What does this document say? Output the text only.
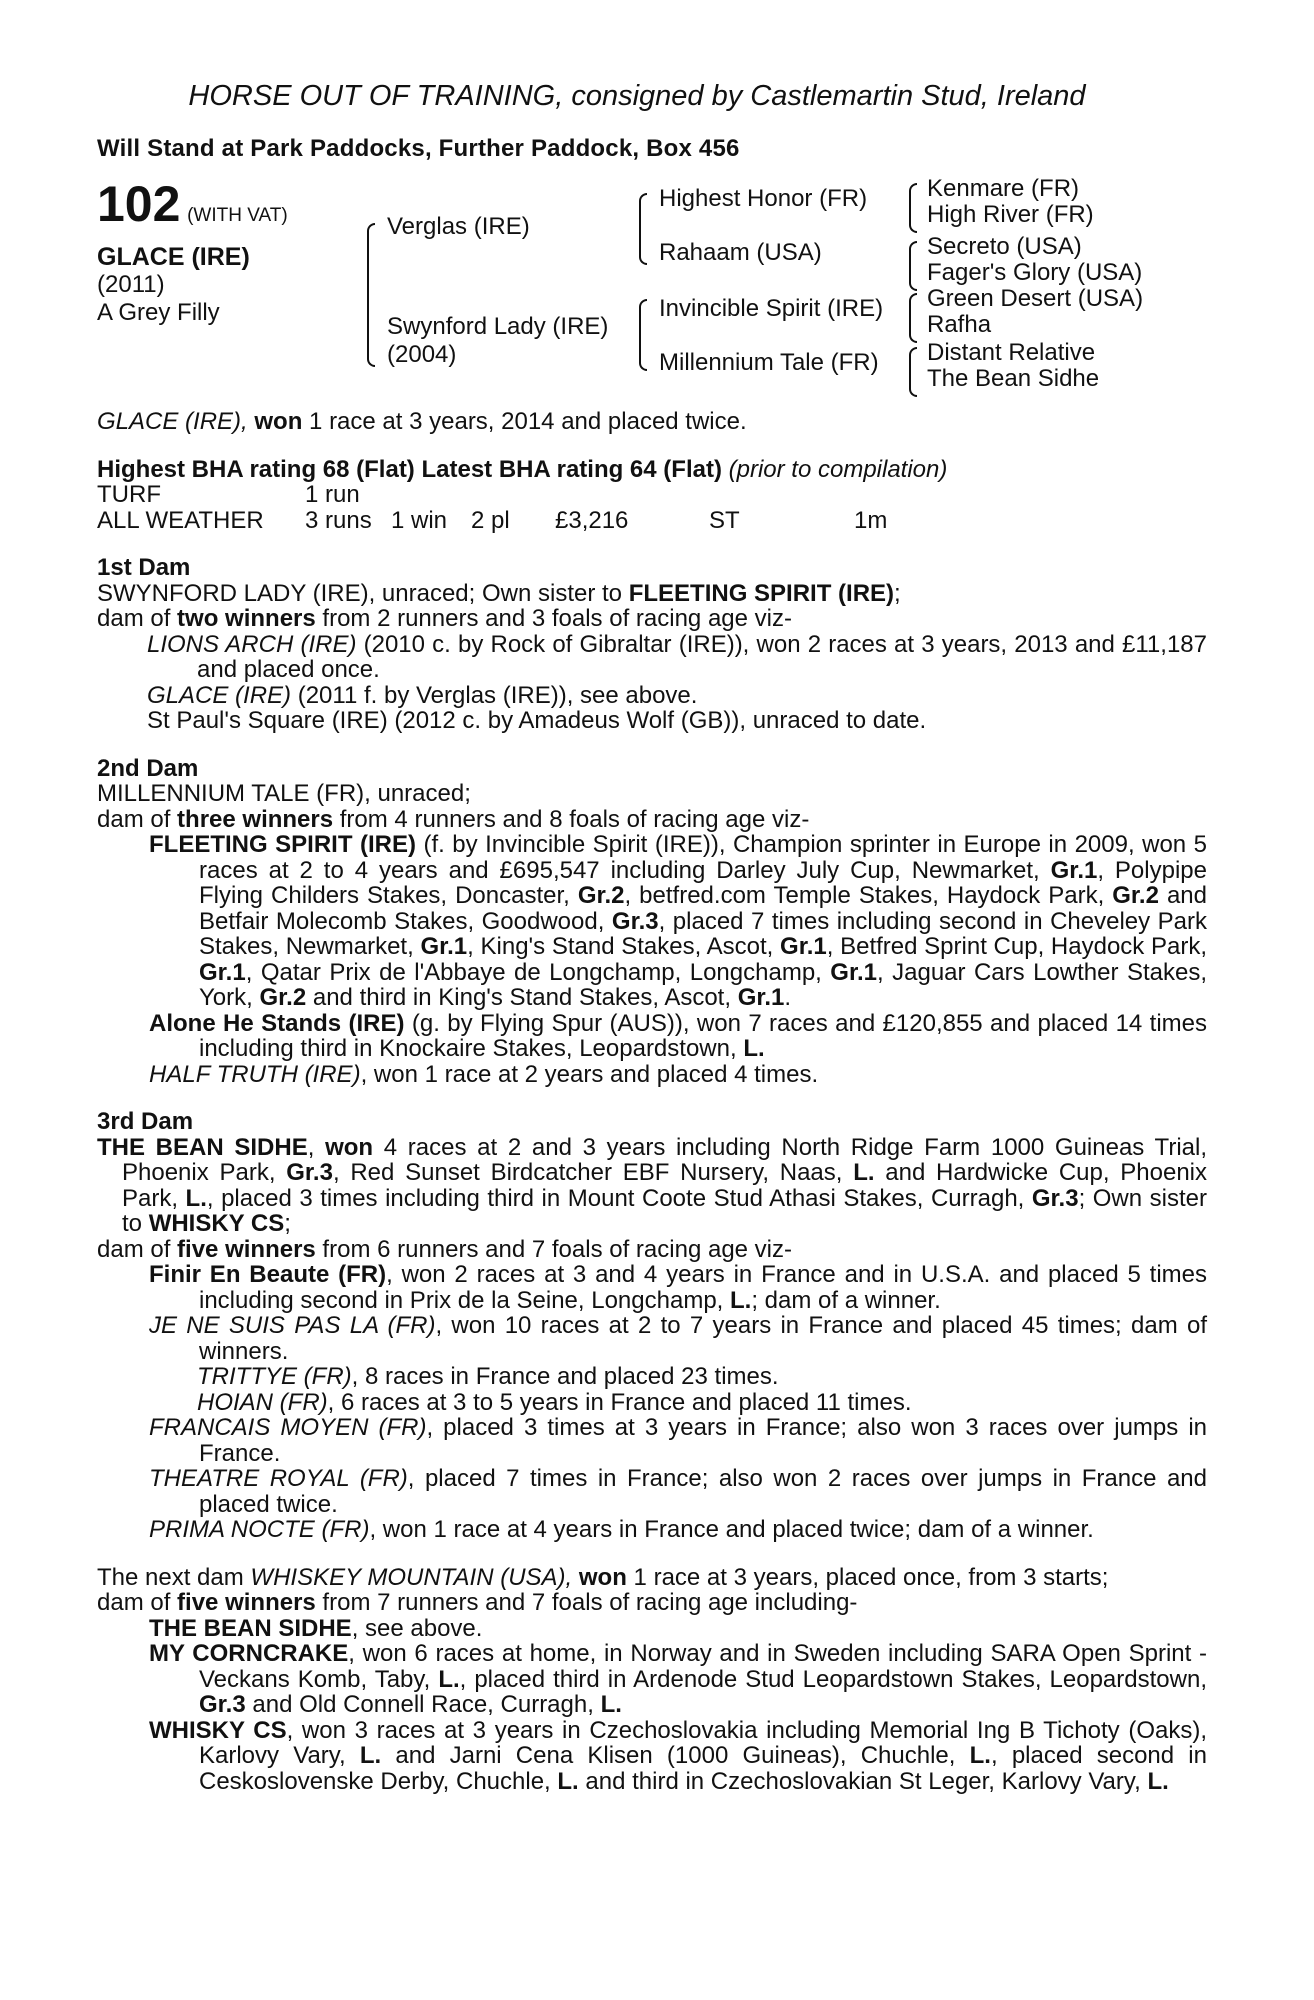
HORSE OUT OF TRAINING, consigned by Castlemartin Stud, Ireland
Will Stand at Park Paddocks, Further Paddock, Box 456
102 (WITH VAT)
GLACE (IRE)
(2011)
A Grey Filly
Verglas (IRE)
Swynford Lady (IRE)
(2004)
Highest Honor (FR)
Rahaam (USA)
Invincible Spirit (IRE)
Millennium Tale (FR)
Kenmare (FR)
High River (FR)
Secreto (USA)
Fager's Glory (USA)
Green Desert (USA)
Rafha
Distant Relative
The Bean Sidhe

GLACE (IRE), won 1 race at 3 years, 2014 and placed twice.

Highest BHA rating 68 (Flat) Latest BHA rating 64 (Flat) (prior to compilation)

TURF	1 run
ALL WEATHER	3 runs 1 win 2 pl	£3,216	ST	1m

1st Dam

SWYNFORD LADY (IRE), unraced; Own sister to FLEETING SPIRIT (IRE);

dam of two winners from 2 runners and 3 foals of racing age viz-

LIONS ARCH (IRE) (2010 c. by Rock of Gibraltar (IRE)), won 2 races at 3 years, 2013 and £11,187 and placed once.

GLACE (IRE) (2011 f. by Verglas (IRE)), see above.

St Paul's Square (IRE) (2012 c. by Amadeus Wolf (GB)), unraced to date.

2nd Dam

MILLENNIUM TALE (FR), unraced;

dam of three winners from 4 runners and 8 foals of racing age viz-

FLEETING SPIRIT (IRE) (f. by Invincible Spirit (IRE)), Champion sprinter in Europe in 2009, won 5 races at 2 to 4 years and £695,547 including Darley July Cup, Newmarket, Gr.1, Polypipe Flying Childers Stakes, Doncaster, Gr.2, betfred.com Temple Stakes, Haydock Park, Gr.2 and Betfair Molecomb Stakes, Goodwood, Gr.3, placed 7 times including second in Cheveley Park Stakes, Newmarket, Gr.1, King's Stand Stakes, Ascot, Gr.1, Betfred Sprint Cup, Haydock Park, Gr.1, Qatar Prix de l'Abbaye de Longchamp, Longchamp, Gr.1, Jaguar Cars Lowther Stakes, York, Gr.2 and third in King's Stand Stakes, Ascot, Gr.1.

Alone He Stands (IRE) (g. by Flying Spur (AUS)), won 7 races and £120,855 and placed 14 times including third in Knockaire Stakes, Leopardstown, L.

HALF TRUTH (IRE), won 1 race at 2 years and placed 4 times.

3rd Dam

THE BEAN SIDHE, won 4 races at 2 and 3 years including North Ridge Farm 1000 Guineas Trial, Phoenix Park, Gr.3, Red Sunset Birdcatcher EBF Nursery, Naas, L. and Hardwicke Cup, Phoenix Park, L., placed 3 times including third in Mount Coote Stud Athasi Stakes, Curragh, Gr.3; Own sister to WHISKY CS;

dam of five winners from 6 runners and 7 foals of racing age viz-

Finir En Beaute (FR), won 2 races at 3 and 4 years in France and in U.S.A. and placed 5 times including second in Prix de la Seine, Longchamp, L.; dam of a winner.

JE NE SUIS PAS LA (FR), won 10 races at 2 to 7 years in France and placed 45 times; dam of winners.

TRITTYE (FR), 8 races in France and placed 23 times.

HOIAN (FR), 6 races at 3 to 5 years in France and placed 11 times.

FRANCAIS MOYEN (FR), placed 3 times at 3 years in France; also won 3 races over jumps in France.

THEATRE ROYAL (FR), placed 7 times in France; also won 2 races over jumps in France and placed twice.

PRIMA NOCTE (FR), won 1 race at 4 years in France and placed twice; dam of a winner.

The next dam WHISKEY MOUNTAIN (USA), won 1 race at 3 years, placed once, from 3 starts;

dam of five winners from 7 runners and 7 foals of racing age including-

THE BEAN SIDHE, see above.

MY CORNCRAKE, won 6 races at home, in Norway and in Sweden including SARA Open Sprint - Veckans Komb, Taby, L., placed third in Ardenode Stud Leopardstown Stakes, Leopardstown, Gr.3 and Old Connell Race, Curragh, L.

WHISKY CS, won 3 races at 3 years in Czechoslovakia including Memorial Ing B Tichoty (Oaks), Karlovy Vary, L. and Jarni Cena Klisen (1000 Guineas), Chuchle, L., placed second in Ceskoslovenske Derby, Chuchle, L. and third in Czechoslovakian St Leger, Karlovy Vary, L.
